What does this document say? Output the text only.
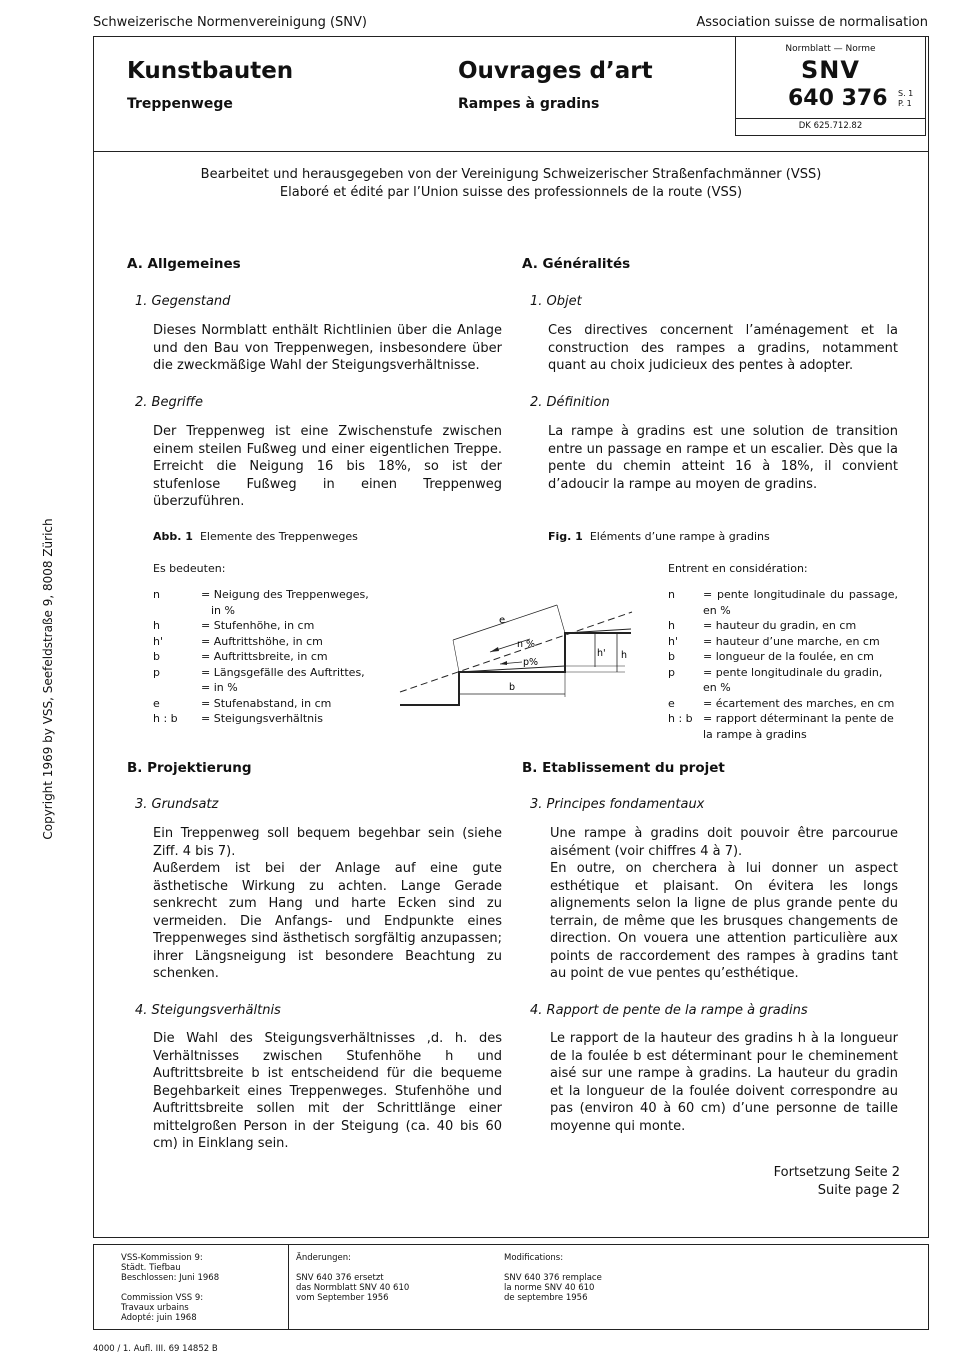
Schweizerische Normenvereinigung (SNV)	Association suisse de normalisation
Kunstbauten
Treppenwege
Ouvrages d’art
Rampes à gradins
Normblatt — Norme
SNV
640 376 S. 1
P. 1
DK 625.712.82
Bearbeitet und herausgegeben von der Vereinigung Schweizerischer Straßenfachmänner (VSS)
Elaboré et édité par l’Union suisse des professionnels de la route (VSS)
Copyright 1969 by VSS, Seefeldstraße 9, 8008 Zürich
A. Allgemeines
1. Gegenstand

Dieses Normblatt enthält Richtlinien über die Anlage und den Bau von Treppenwegen, insbesondere über die zweckmäßige Wahl der Steigungsverhältnisse.

2. Begriffe

Der Treppenweg ist eine Zwischenstufe zwischen einem steilen Fußweg und einer eigentlichen Treppe. Erreicht die Neigung 16 bis 18%, so ist der stufenlose Fußweg in einen Treppenweg überzuführen.

Abb. 1 Elemente des Treppenweges
Es bedeuten:
n	= Neigung des Treppenweges,
in %
h	= Stufenhöhe, in cm
h'	= Auftrittshöhe, in cm
b	= Auftrittsbreite, in cm
p	= Längsgefälle des Auftrittes,
= in %
e	= Stufenabstand, in cm
h : b	= Steigungsverhältnis
e
n %
p%
h' h
b
B. Projektierung
3. Grundsatz

Ein Treppenweg soll bequem begehbar sein (siehe Ziff. 4 bis 7).

Außerdem ist bei der Anlage auf eine gute ästhetische Wirkung zu achten. Lange Gerade senkrecht zum Hang und harte Ecken sind zu vermeiden. Die Anfangs- und Endpunkte eines Treppenweges sind ästhetisch sorgfältig anzupassen; ihrer Längsneigung ist besondere Beachtung zu schenken.

4. Steigungsverhältnis

Die Wahl des Steigungsverhältnisses ,d. h. des Verhältnisses zwischen Stufenhöhe h und Auftrittsbreite b ist entscheidend für die bequeme Begehbarkeit eines Treppenweges. Stufenhöhe und Auftrittsbreite sollen mit der Schrittlänge einer mittelgroßen Person in der Steigung (ca. 40 bis 60 cm) in Einklang sein.

A. Généralités
1. Objet

Ces directives concernent l’aménagement et la construction des rampes a gradins, notamment quant au choix judicieux des pentes à adopter.

2. Définition

La rampe à gradins est une solution de transition entre un passage en rampe et un escalier. Dès que la pente du chemin atteint 16 à 18%, il convient d’adoucir la rampe au moyen de gradins.

Fig. 1 Eléments d’une rampe à gradins
Entrent en considération:
n	= pente longitudinale du passage, en %
h	= hauteur du gradin, en cm
h'	= hauteur d’une marche, en cm
b	= longueur de la foulée, en cm
p	= pente longitudinale du gradin, en %
e	= écartement des marches, en cm
h : b = rapport déterminant la pente de la rampe à gradins
B. Etablissement du projet
3. Principes fondamentaux

Une rampe à gradins doit pouvoir être parcourue aisément (voir chiffres 4 à 7).

En outre, on cherchera à lui donner un aspect esthétique et plaisant. On évitera les longs alignements selon la ligne de plus grande pente du terrain, de même que les brusques changements de direction. On vouera une attention particulière aux points de raccordement des rampes à gradins tant au point de vue pentes qu’esthétique.

4. Rapport de pente de la rampe à gradins

Le rapport de la hauteur des gradins h à la longueur de la foulée b est déterminant pour le cheminement aisé sur une rampe à gradins. La hauteur du gradin et la longueur de la foulée doivent correspondre au pas (environ 40 à 60 cm) d’une personne de taille moyenne qui monte.

Fortsetzung Seite 2
Suite page 2
VSS-Kommission 9:
Städt. Tiefbau
Beschlossen: Juni 1968
Commission VSS 9:
Travaux urbains
Adopté: juin 1968
Änderungen:
SNV 640 376 ersetzt
das Normblatt SNV 40 610
vom September 1956
Modifications:
SNV 640 376 remplace
la norme SNV 40 610
de septembre 1956
4000 / 1. Aufl. III. 69 14852 B
